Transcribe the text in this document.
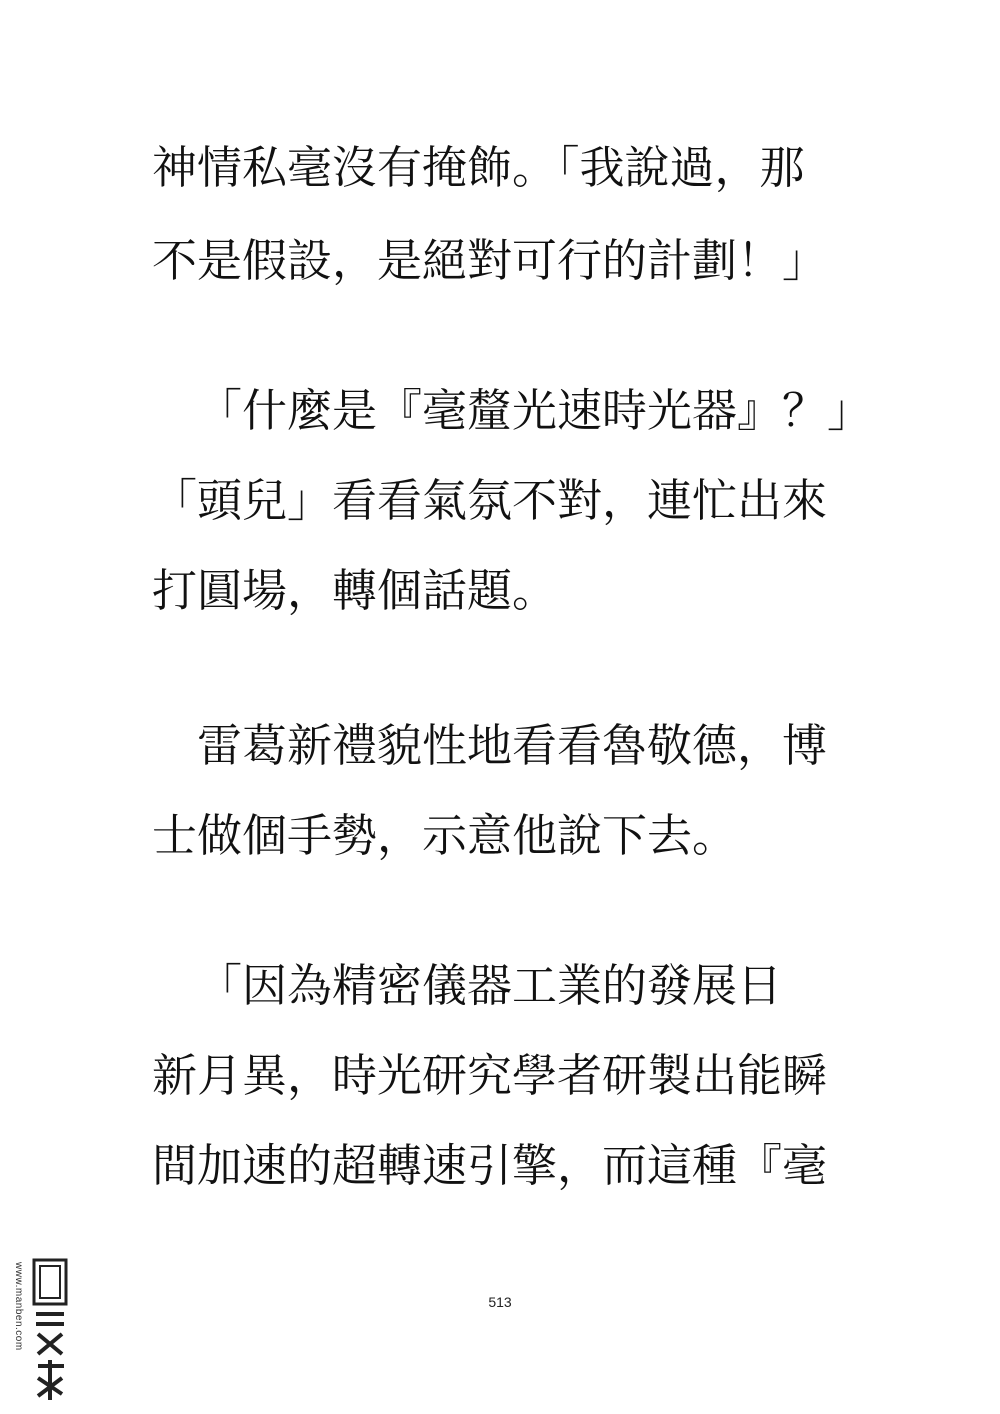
神情私毫沒有掩飾。「我說過，那
不是假設，是絕對可行的計劃！」
「什麼是『毫釐光速時光器』？」
「頭兒」看看氣氛不對，連忙出來
打圓場，轉個話題。
雷葛新禮貌性地看看魯敬德，博
士做個手勢，示意他說下去。
「因為精密儀器工業的發展日
新月異，時光研究學者研製出能瞬
間加速的超轉速引擎，而這種『毫
513
www.manben.com
